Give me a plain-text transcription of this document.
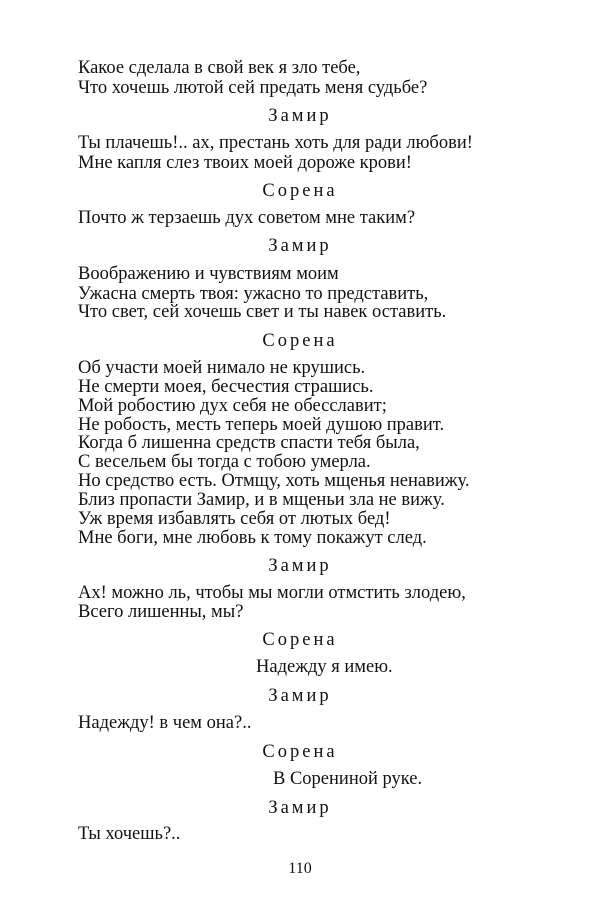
Какое сделала в свой век я зло тебе,

Что хочешь лютой сей предать меня судьбе?

Замир

Ты плачешь!.. ах, престань хоть для ради любови!

Мне капля слез твоих моей дороже крови!

Сорена

Почто ж терзаешь дух советом мне таким?

Замир

Воображению и чувствиям моим

Ужасна смерть твоя: ужасно то представить,

Что свет, сей хочешь свет и ты навек оставить.

Сорена

Об участи моей нимало не крушись.

Не смерти моея, бесчестия страшись.

Мой робостию дух себя не обесславит;

Не робость, месть теперь моей душою правит.

Когда б лишенна средств спасти тебя была,

С весельем бы тогда с тобою умерла.

Но средство есть. Отмщу, хоть мщенья ненавижу.

Близ пропасти Замир, и в мщеньи зла не вижу.

Уж время избавлять себя от лютых бед!

Мне боги, мне любовь к тому покажут след.

Замир

Ах! можно ль, чтобы мы могли отмстить злодею,

Всего лишенны, мы?

Сорена

Надежду я имею.

Замир

Надежду! в чем она?..

Сорена

В Сорениной руке.

Замир

Ты хочешь?..

110
